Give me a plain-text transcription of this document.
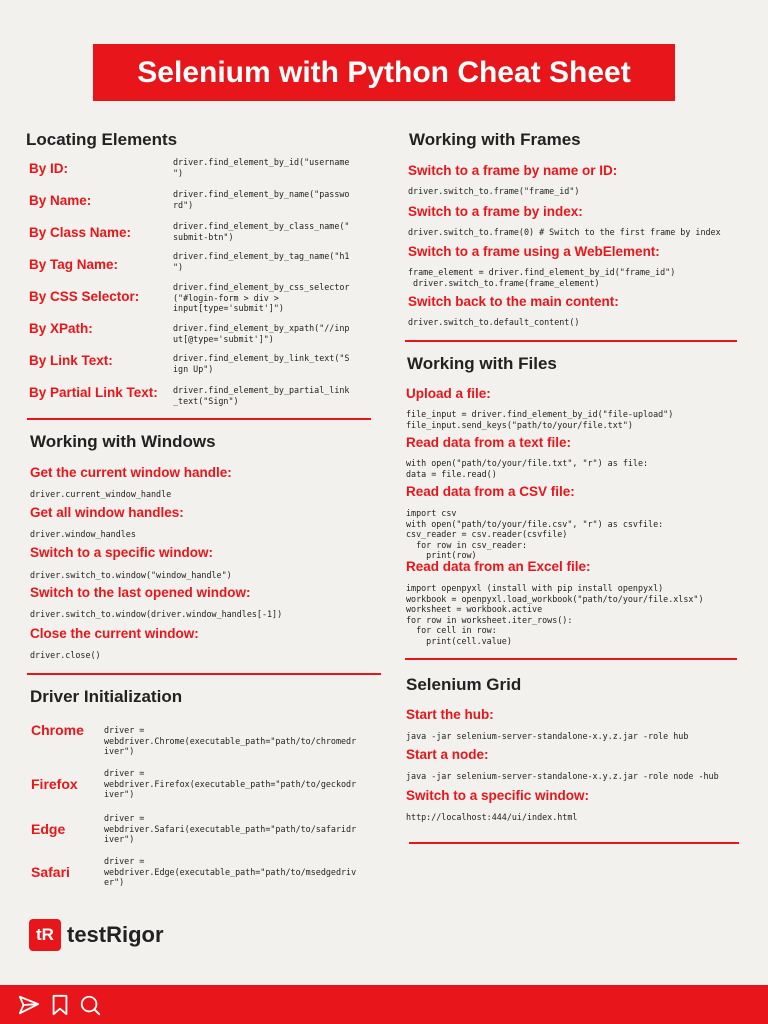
Selenium with Python Cheat Sheet
Locating Elements
By ID:	driver.find_element_by_id("username
")
By Name:	driver.find_element_by_name("passwo
rd")
By Class Name:	driver.find_element_by_class_name("
submit-btn")
By Tag Name:
driver.find_element_by_tag_name("h1
")
By CSS Selector:
driver.find_element_by_css_selector
("#login-form > div >
input[type='submit']")
By XPath:	driver.find_element_by_xpath("//inp
ut[@type='submit']")
By Link Text:	driver.find_element_by_link_text("S
ign Up")
By Partial Link Text: driver.find_element_by_partial_link
_text("Sign")
Working with Windows
Get the current window handle:
driver.current_window_handle
Get all window handles:
driver.window_handles
Switch to a specific window:
driver.switch_to.window("window_handle")
Switch to the last opened window:
driver.switch_to.window(driver.window_handles[-1])
Close the current window:
driver.close()
Driver Initialization
Chrome driver =
webdriver.Chrome(executable_path="path/to/chromedr
iver")
Firefox
driver =
webdriver.Firefox(executable_path="path/to/geckodr
iver")
Edge
driver =
webdriver.Safari(executable_path="path/to/safaridr
iver")
Safari
driver =
webdriver.Edge(executable_path="path/to/msedgedriv
er")
Working with Frames
Switch to a frame by name or ID:
driver.switch_to.frame("frame_id")
Switch to a frame by index:
driver.switch_to.frame(0) # Switch to the first frame by index
Switch to a frame using a WebElement:
frame_element = driver.find_element_by_id("frame_id")
driver.switch_to.frame(frame_element)
Switch back to the main content:
driver.switch_to.default_content()
Working with Files
Upload a file:
file_input = driver.find_element_by_id("file-upload")
file_input.send_keys("path/to/your/file.txt")
Read data from a text file:
with open("path/to/your/file.txt", "r") as file:
data = file.read()
Read data from a CSV file:
import csv
with open("path/to/your/file.csv", "r") as csvfile:
csv_reader = csv.reader(csvfile)
for row in csv_reader:
print(row)
Read data from an Excel file:
import openpyxl (install with pip install openpyxl)
workbook = openpyxl.load_workbook("path/to/your/file.xlsx")
worksheet = workbook.active
for row in worksheet.iter_rows():
for cell in row:
print(cell.value)
Selenium Grid
Start the hub:
java -jar selenium-server-standalone-x.y.z.jar -role hub
Start a node:
java -jar selenium-server-standalone-x.y.z.jar -role node -hub
Switch to a specific window:
http://localhost:444/ui/index.html
tR testRigor
